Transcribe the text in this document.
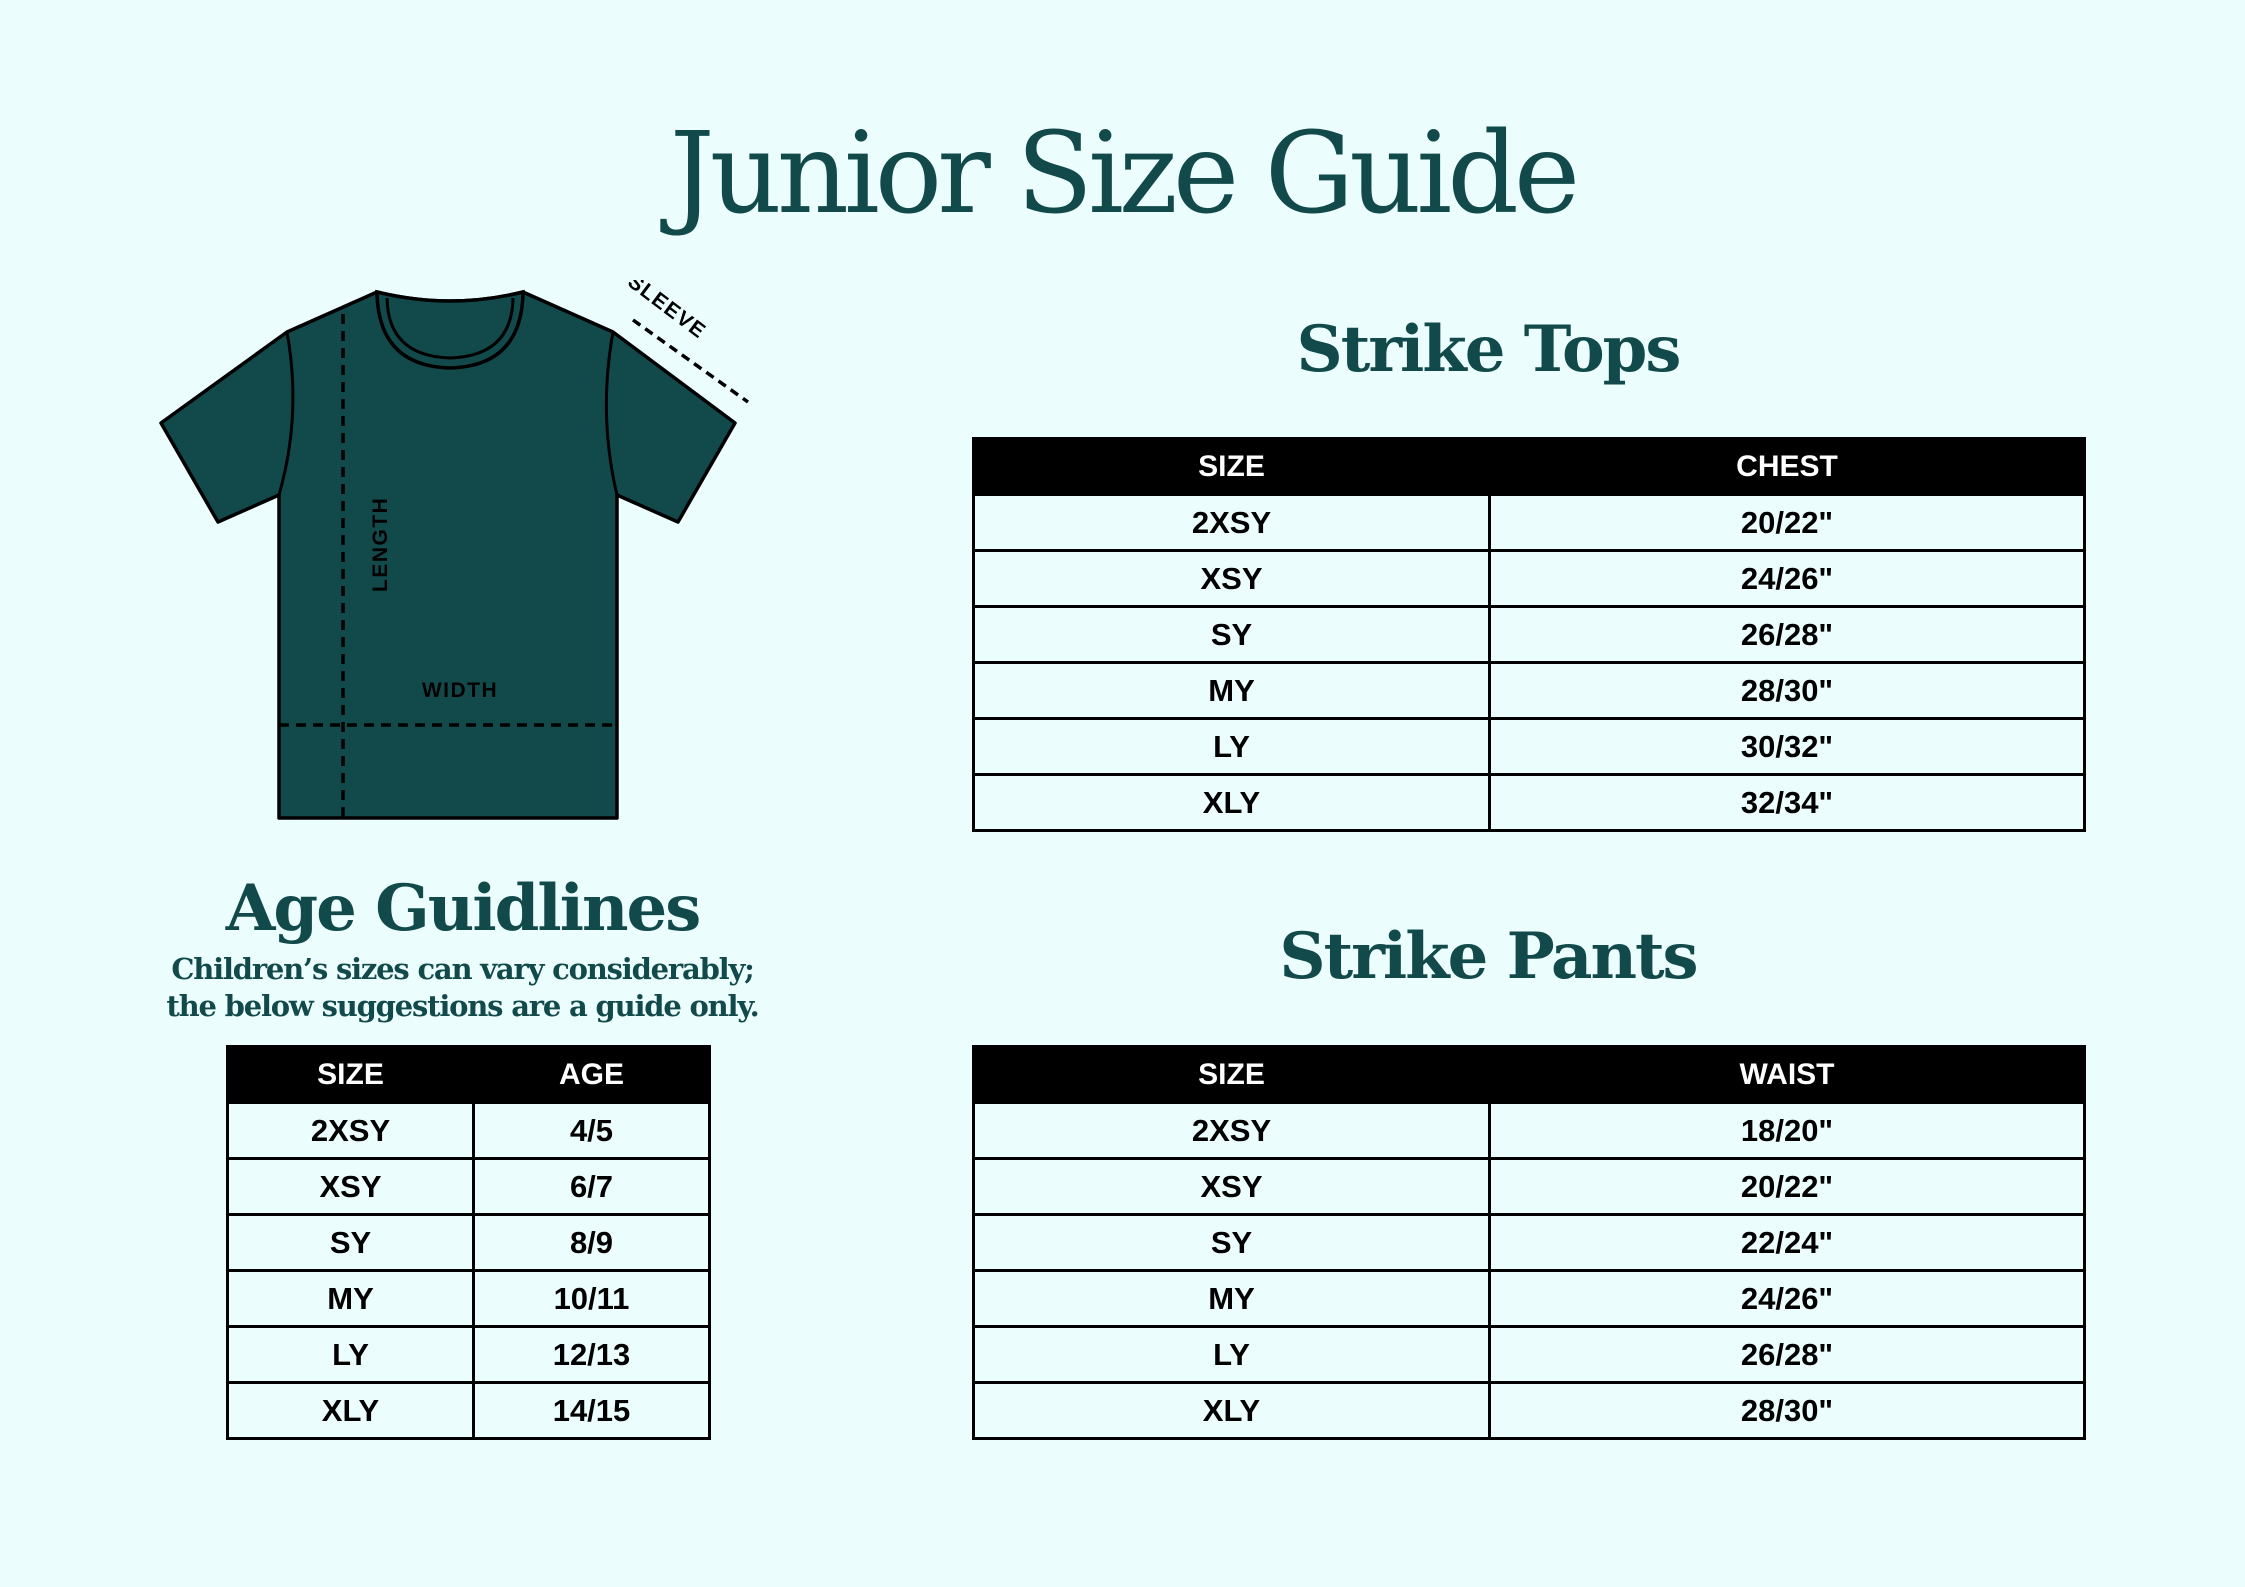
Junior Size Guide
LENGTH
WIDTH
SLEEVE
Strike Tops
SIZE	CHEST
2XSY	20/22"
XSY	24/26"
SY	26/28"
MY	28/30"
LY	30/32"
XLY	32/34"
Age Guidlines
Children’s sizes can vary considerably;
the below suggestions are a guide only.
SIZE	AGE
2XSY	4/5
XSY	6/7
SY	8/9
MY	10/11
LY	12/13
XLY	14/15
Strike Pants
SIZE	WAIST
2XSY	18/20"
XSY	20/22"
SY	22/24"
MY	24/26"
LY	26/28"
XLY	28/30"
